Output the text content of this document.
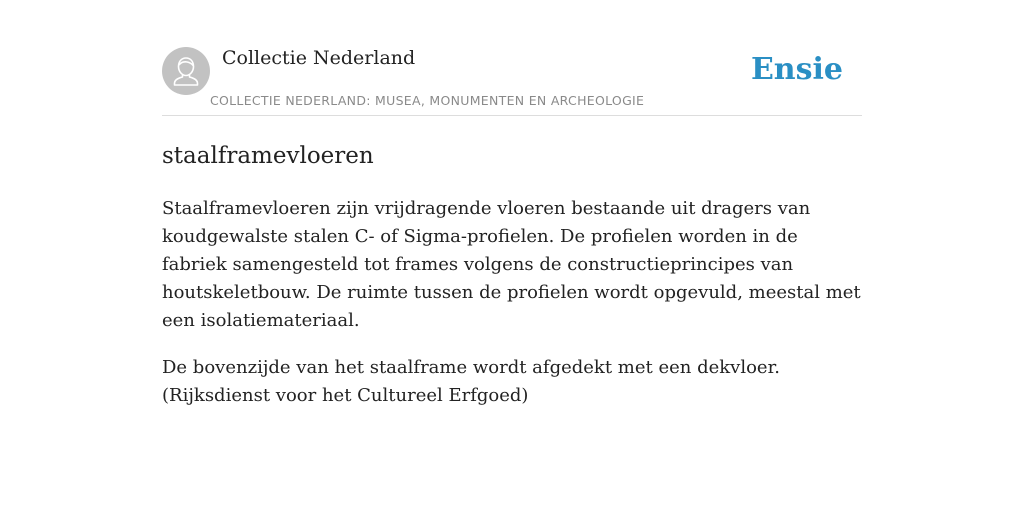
Collectie Nederland
COLLECTIE NEDERLAND: MUSEA, MONUMENTEN EN ARCHEOLOGIE
Ensie
staalframevloeren

Staalframevloeren zijn vrijdragende vloeren bestaande uit dragers van koudgewalste stalen C- of Sigma-profielen. De profielen worden in de fabriek samengesteld tot frames volgens de constructieprincipes van houtskeletbouw. De ruimte tussen de profielen wordt opgevuld, meestal met een isolatiemateriaal.

De bovenzijde van het staalframe wordt afgedekt met een dekvloer. (Rijksdienst voor het Cultureel Erfgoed)
